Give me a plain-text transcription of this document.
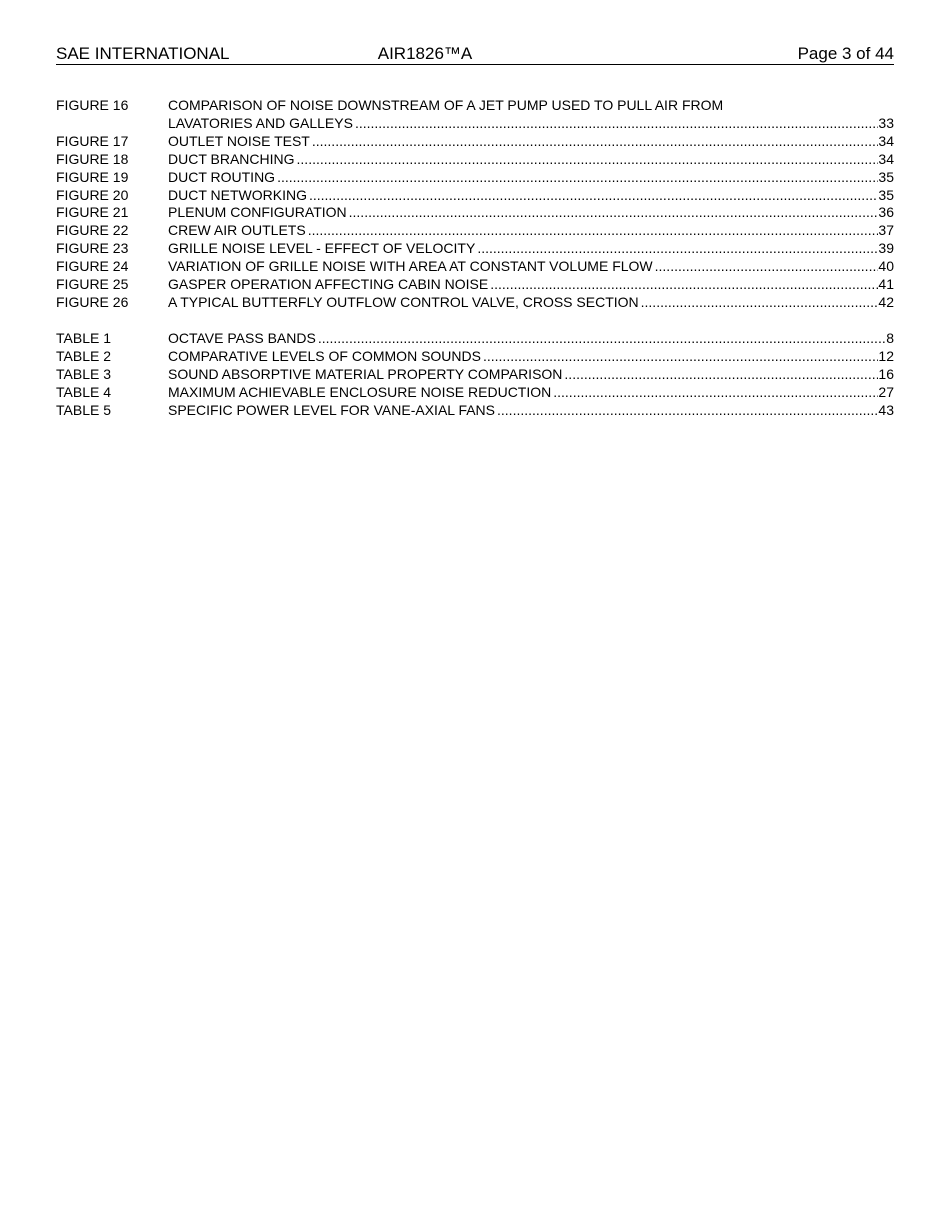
SAE INTERNATIONAL	AIR1826™A	Page 3 of 44
FIGURE 16	COMPARISON OF NOISE DOWNSTREAM OF A JET PUMP USED TO PULL AIR FROM
LAVATORIES AND GALLEYS .....	33
FIGURE 17	OUTLET NOISE TEST .....	34
FIGURE 18	DUCT BRANCHING .....	34
FIGURE 19	DUCT ROUTING .....	35
FIGURE 20	DUCT NETWORKING .....	35
FIGURE 21	PLENUM CONFIGURATION .....	36
FIGURE 22	CREW AIR OUTLETS .....	37
FIGURE 23	GRILLE NOISE LEVEL - EFFECT OF VELOCITY .....	39
FIGURE 24	VARIATION OF GRILLE NOISE WITH AREA AT CONSTANT VOLUME FLOW .....	40
FIGURE 25	GASPER OPERATION AFFECTING CABIN NOISE .....	41
FIGURE 26	A TYPICAL BUTTERFLY OUTFLOW CONTROL VALVE, CROSS SECTION .....	42
TABLE 1	OCTAVE PASS BANDS .....	8
TABLE 2	COMPARATIVE LEVELS OF COMMON SOUNDS .....	12
TABLE 3	SOUND ABSORPTIVE MATERIAL PROPERTY COMPARISON .....	16
TABLE 4	MAXIMUM ACHIEVABLE ENCLOSURE NOISE REDUCTION .....	27
TABLE 5	SPECIFIC POWER LEVEL FOR VANE-AXIAL FANS .....	43
